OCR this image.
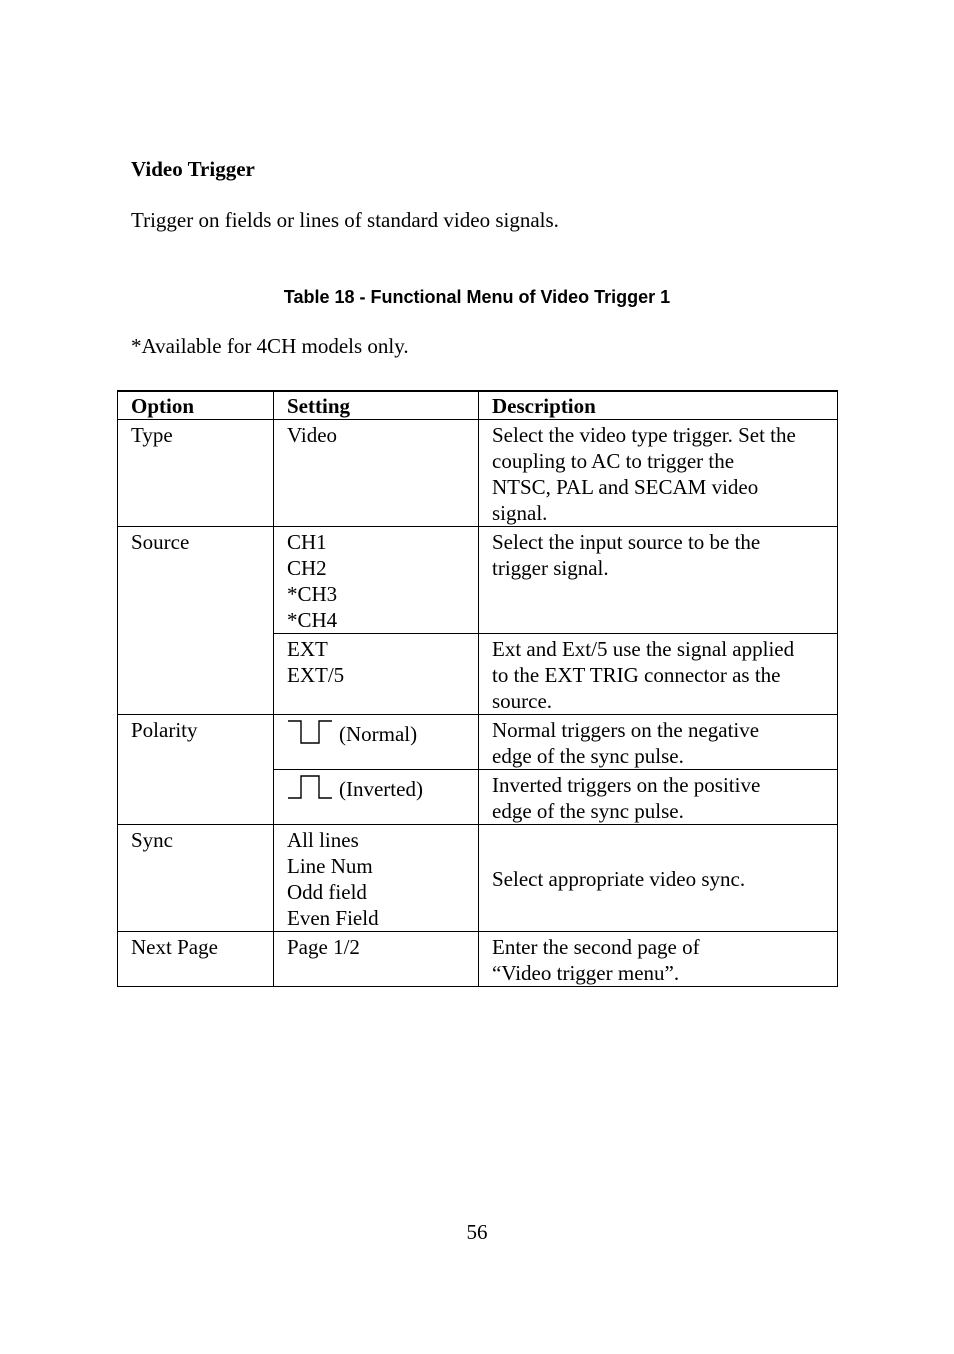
Video Trigger
Trigger on fields or lines of standard video signals.
Table 18 - Functional Menu of Video Trigger 1
*Available for 4CH models only.
Option	Setting	Description
Type	Video	Select the video type trigger. Set the
coupling to AC to trigger the
NTSC, PAL and SECAM video
signal.

Source	CH1
CH2
*CH3
*CH4	Select the input source to be the
trigger signal.

	EXT
EXT/5	Ext and Ext/5 use the signal applied
to the EXT TRIG connector as the
source.

Polarity	(Normal)	Normal triggers on the negative
edge of the sync pulse.

	(Inverted)	Inverted triggers on the positive
edge of the sync pulse.

Sync	All lines
Line Num
Odd field
Even Field	Select appropriate video sync.
Next Page	Page 1/2	Enter the second page of
“Video trigger menu”.
56
